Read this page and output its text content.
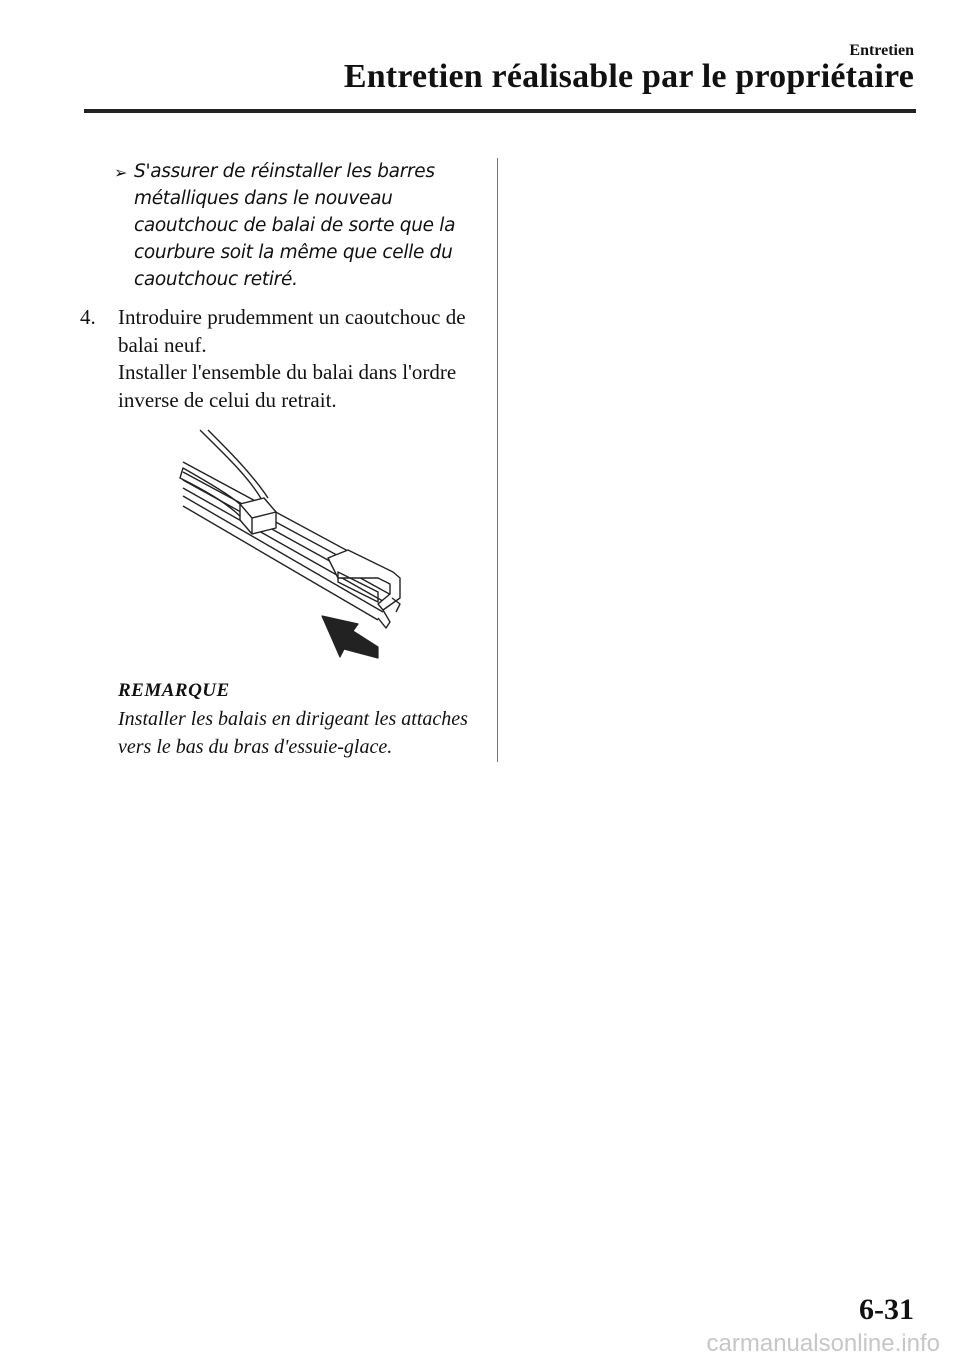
Entretien
Entretien réalisable par le propriétaire
➢ S'assurer de réinstaller les barres métalliques dans le nouveau caoutchouc de balai de sorte que la courbure soit la même que celle du caoutchouc retiré.
4. Introduire prudemment un caoutchouc de balai neuf.

Installer l'ensemble du balai dans l'ordre inverse de celui du retrait.

REMARQUE
Installer les balais en dirigeant les attaches vers le bas du bras d'essuie-glace.
6-31
carmanualsonline.info
